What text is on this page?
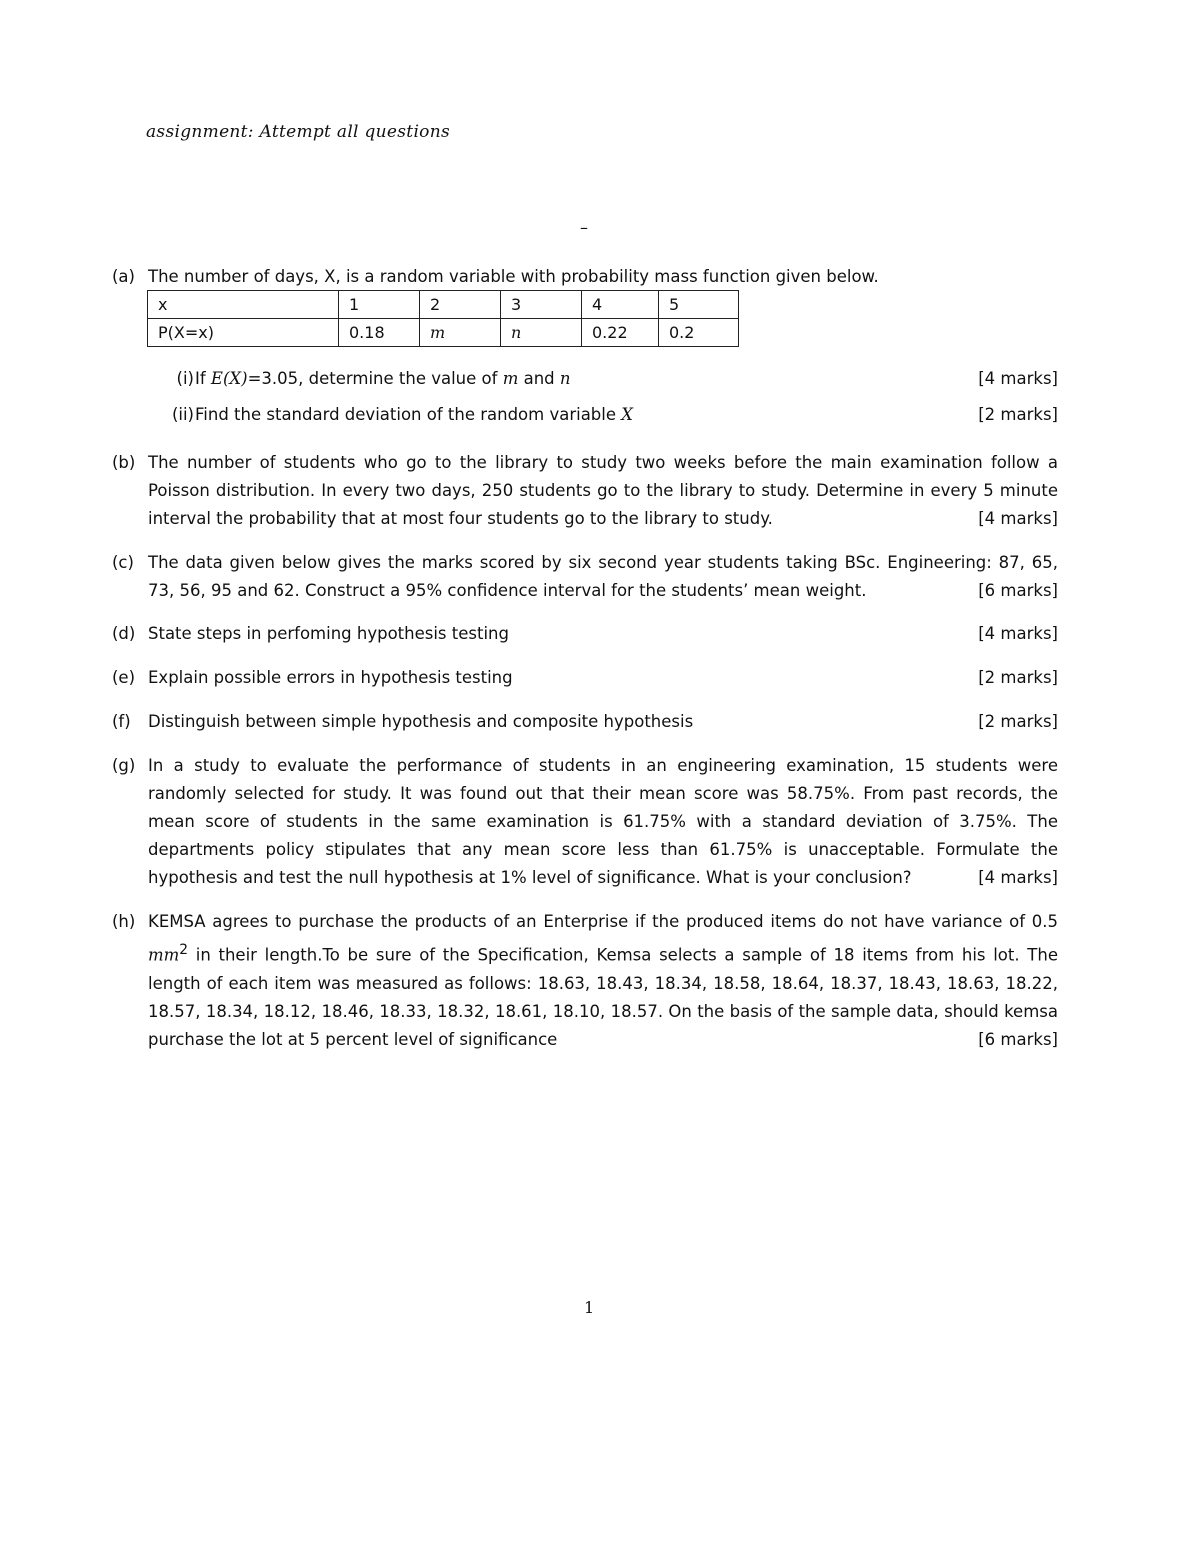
assignment: Attempt all questions
–
(a) The number of days, X, is a random variable with probability mass function given below.
x	1	2	3	4	5
P(X=x)	0.18	m	n	0.22	0.2
(i)	[4 marks]
If E(X)=3.05, determine the value of m and n
(ii)	[2 marks]
Find the standard deviation of the random variable X
(b) The number of students who go to the library to study two weeks before the main examination follow a Poisson distribution. In every two days, 250 students go to the library to study. Determine in every 5 minute interval the probability that at most four students go to the library to study.	[4 marks]
(c) The data given below gives the marks scored by six second year students taking BSc. Engineering: 87, 65, 73, 56, 95 and 62. Construct a 95% confidence interval for the students’ mean weight.	[6 marks]
(d)	[4 marks]
State steps in perfoming hypothesis testing
(e)	[2 marks]
Explain possible errors in hypothesis testing
(f)	[2 marks]
Distinguish between simple hypothesis and composite hypothesis
(g) In a study to evaluate the performance of students in an engineering examination, 15 students were randomly selected for study. It was found out that their mean score was 58.75%. From past records, the mean score of students in the same examination is 61.75% with a standard deviation of 3.75%. The departments policy stipulates that any mean score less than 61.75% is unacceptable. Formulate the hypothesis and test the null hypothesis at 1% level of significance. What is your conclusion?	[4 marks]
(h) KEMSA agrees to purchase the products of an Enterprise if the produced items do not have variance of 0.5 $mm^2$ in their length.To be sure of the Specification, Kemsa selects a sample of 18 items from his lot. The length of each item was measured as follows: 18.63, 18.43, 18.34, 18.58, 18.64, 18.37, 18.43, 18.63, 18.22, 18.57, 18.34, 18.12, 18.46, 18.33, 18.32, 18.61, 18.10, 18.57. On the basis of the sample data, should kemsa purchase the lot at 5 percent level of significance	[6 marks]
1
